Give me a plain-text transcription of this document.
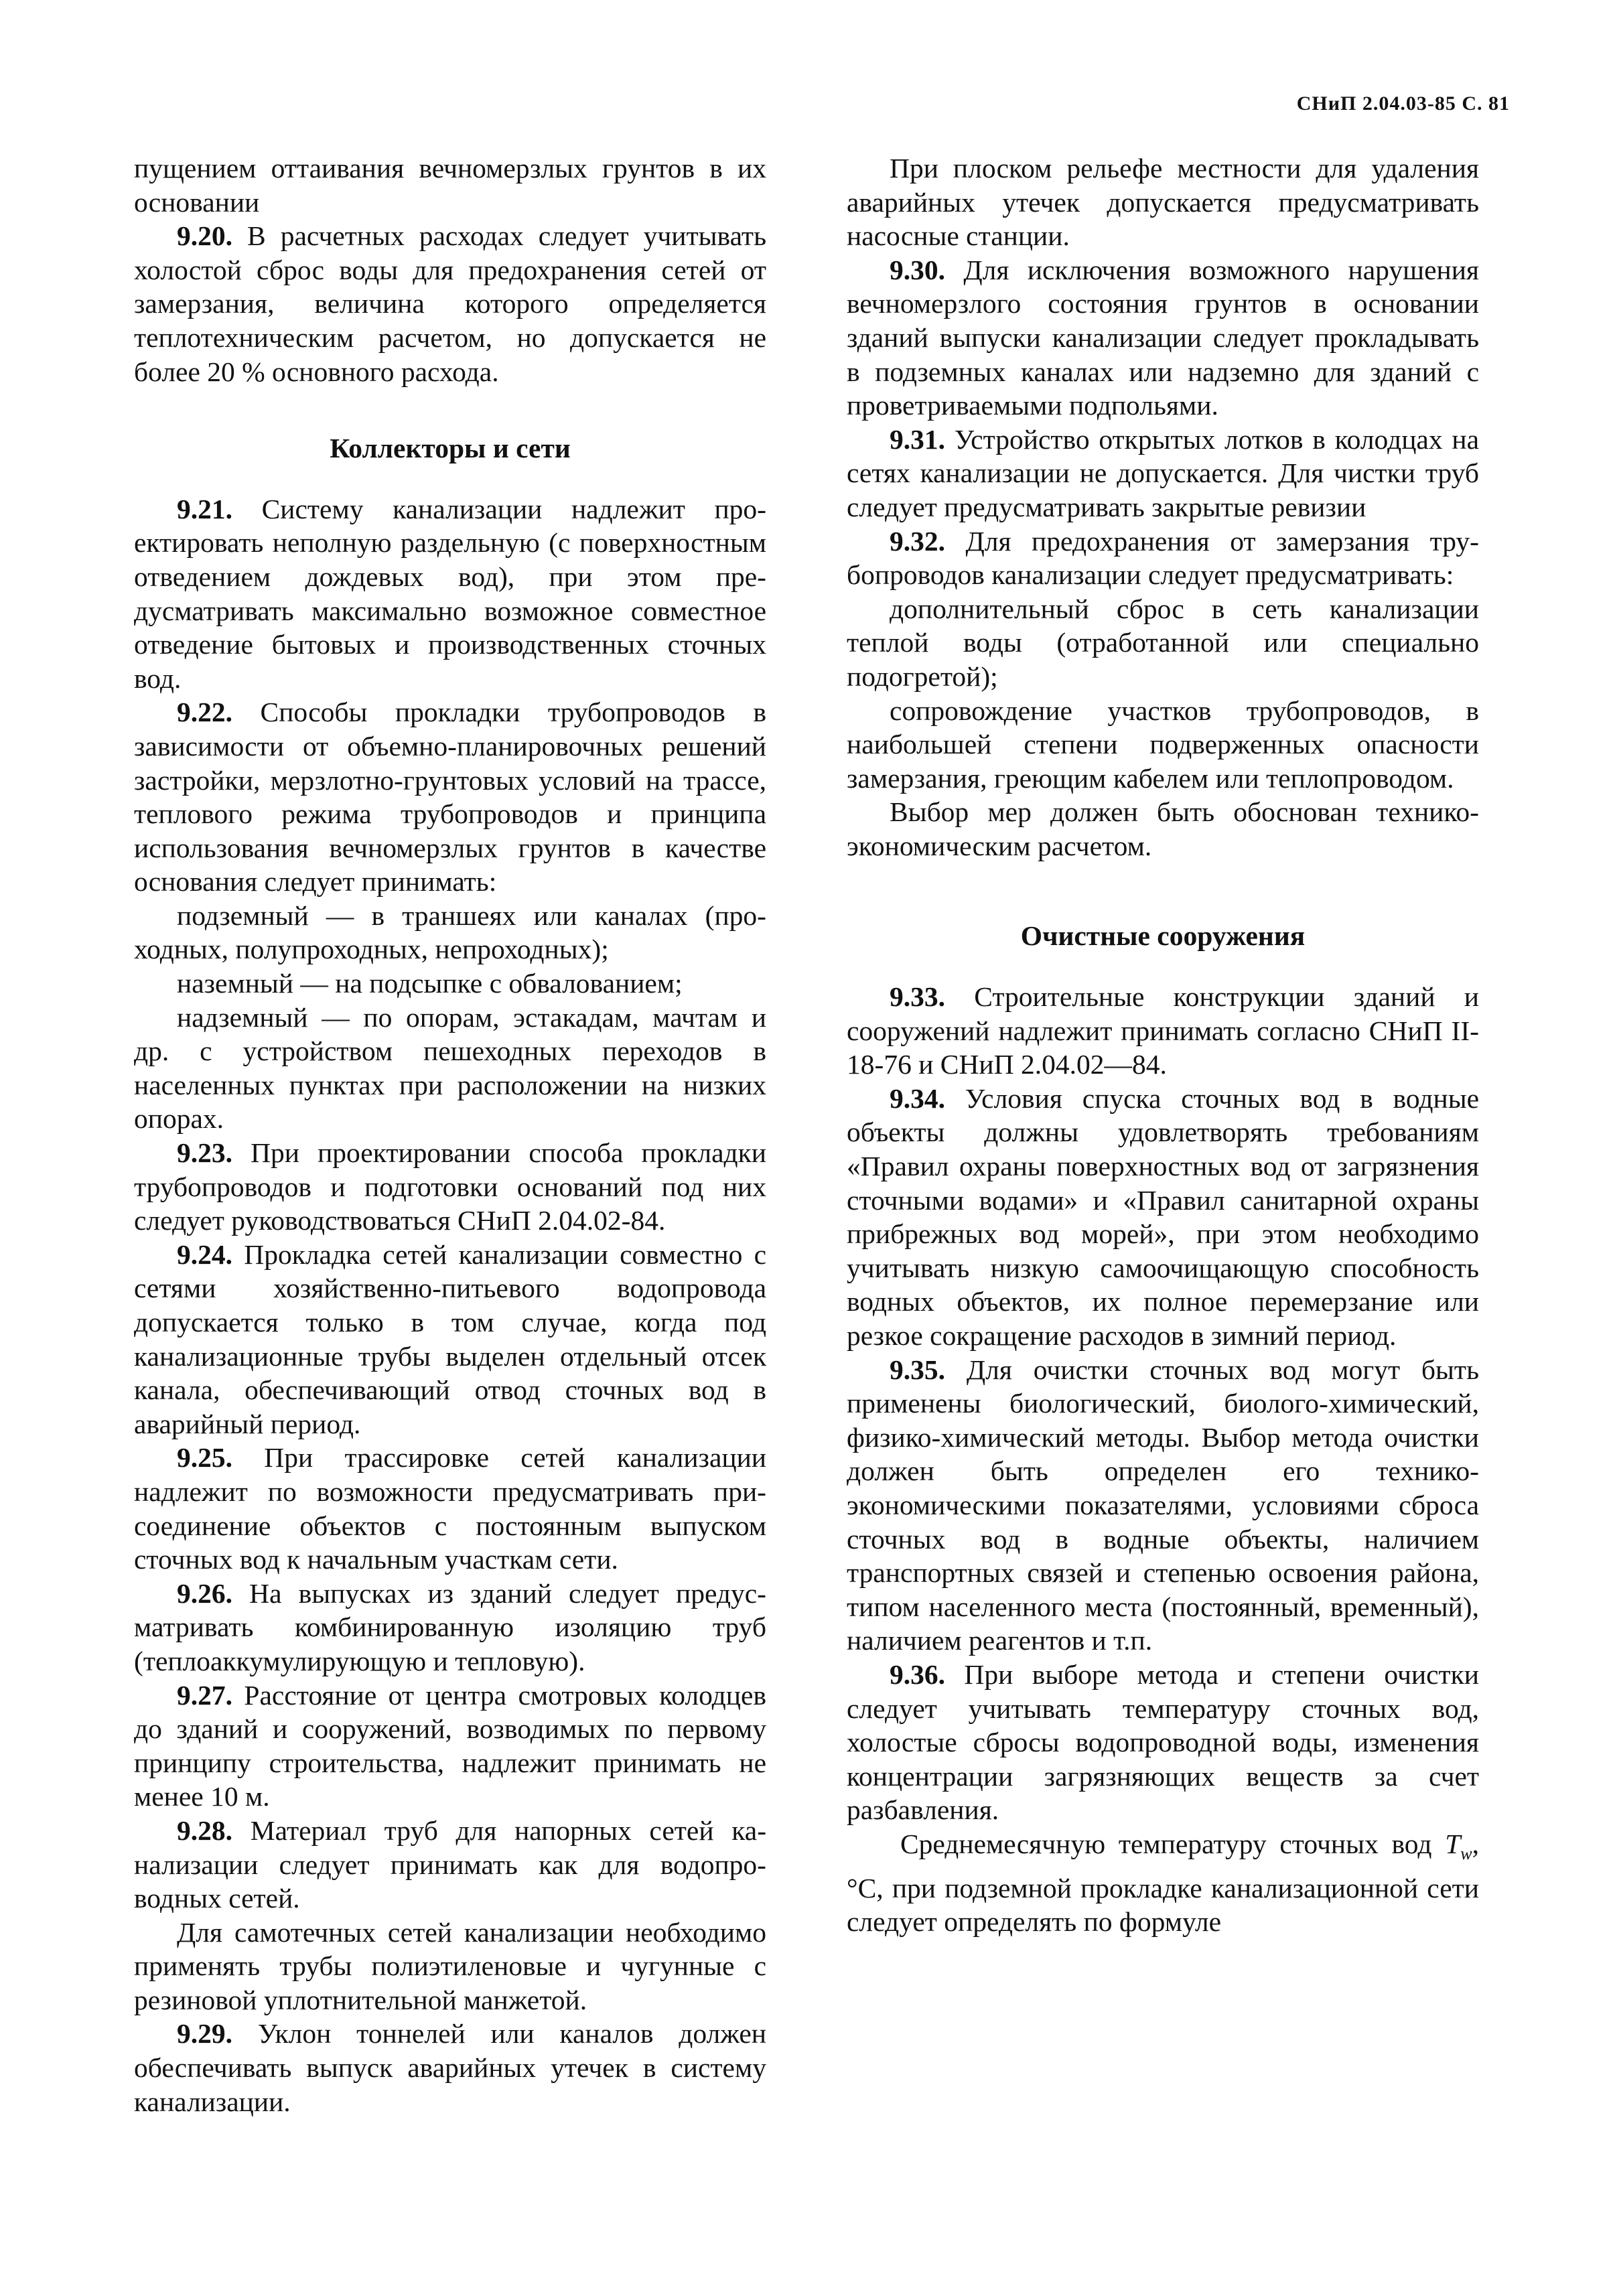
СНиП 2.04.03-85 С. 81

пущением оттаивания вечномерзлых грунтов в их основании

9.20. В расчетных расходах следует учитывать холостой сброс воды для предохранения сетей от замерзания, величина которого определяется теплотехническим расчетом, но допускается не более 20 % основного расхода.

Коллекторы и сети

9.21. Систему канализации надлежит проектировать неполную раздельную (с поверхностным отведением дождевых вод), при этом предусматривать максимально возможное совместное отведение бытовых и производственных сточных вод.

9.22. Способы прокладки трубопроводов в зависимости от объемно-планировочных решений застройки, мерзлотно-грунтовых условий на трассе, теплового режима трубопроводов и принципа использования вечномерзлых грунтов в качестве основания следует принимать:

подземный — в траншеях или каналах (проходных, полупроходных, непроходных);

наземный — на подсыпке с обвалованием;

надземный — по опорам, эстакадам, мачтам и др. с устройством пешеходных переходов в населенных пунктах при расположении на низких опорах.

9.23. При проектировании способа прокладки трубопроводов и подготовки оснований под них следует руководствоваться СНиП 2.04.02-84.

9.24. Прокладка сетей канализации совместно с сетями хозяйственно-питьевого водопровода допускается только в том случае, когда под канализационные трубы выделен отдельный отсек канала, обеспечивающий отвод сточных вод в аварийный период.

9.25. При трассировке сетей канализации надлежит по возможности предусматривать присоединение объектов с постоянным выпуском сточных вод к начальным участкам сети.

9.26. На выпусках из зданий следует предусматривать комбинированную изоляцию труб (теплоаккумулирующую и тепловую).

9.27. Расстояние от центра смотровых колодцев до зданий и сооружений, возводимых по первому принципу строительства, надлежит принимать не менее 10 м.

9.28. Материал труб для напорных сетей канализации следует принимать как для водопроводных сетей.

Для самотечных сетей канализации необходимо применять трубы полиэтиленовые и чугунные с резиновой уплотнительной манжетой.

9.29. Уклон тоннелей или каналов должен обеспечивать выпуск аварийных утечек в систему канализации.

При плоском рельефе местности для удаления аварийных утечек допускается предусматривать насосные станции.

9.30. Для исключения возможного нарушения вечномерзлого состояния грунтов в основании зданий выпуски канализации следует прокладывать в подземных каналах или надземно для зданий с проветриваемыми подпольями.

9.31. Устройство открытых лотков в колодцах на сетях канализации не допускается. Для чистки труб следует предусматривать закрытые ревизии

9.32. Для предохранения от замерзания трубопроводов канализации следует предусматривать:

дополнительный сброс в сеть канализации теплой воды (отработанной или специально подогретой);

сопровождение участков трубопроводов, в наибольшей степени подверженных опасности замерзания, греющим кабелем или теплопроводом.

Выбор мер должен быть обоснован технико-экономическим расчетом.

Очистные сооружения

9.33. Строительные конструкции зданий и сооружений надлежит принимать согласно СНиП II-18-76 и СНиП 2.04.02—84.

9.34. Условия спуска сточных вод в водные объекты должны удовлетворять требованиям «Правил охраны поверхностных вод от загрязнения сточными водами» и «Правил санитарной охраны прибрежных вод морей», при этом необходимо учитывать низкую самоочищающую способность водных объектов, их полное перемерзание или резкое сокращение расходов в зимний период.

9.35. Для очистки сточных вод могут быть применены биологический, биолого-химический, физико-химический методы. Выбор метода очистки должен быть определен его технико-экономическими показателями, условиями сброса сточных вод в водные объекты, наличием транспортных связей и степенью освоения района, типом населенного места (постоянный, временный), наличием реагентов и т.п.

9.36. При выборе метода и степени очистки следует учитывать температуру сточных вод, холостые сбросы водопроводной воды, изменения концентрации загрязняющих веществ за счет разбавления.

Среднемесячную температуру сточных вод $T_w$, °С, при подземной прокладке канализационной сети следует определять по формуле
